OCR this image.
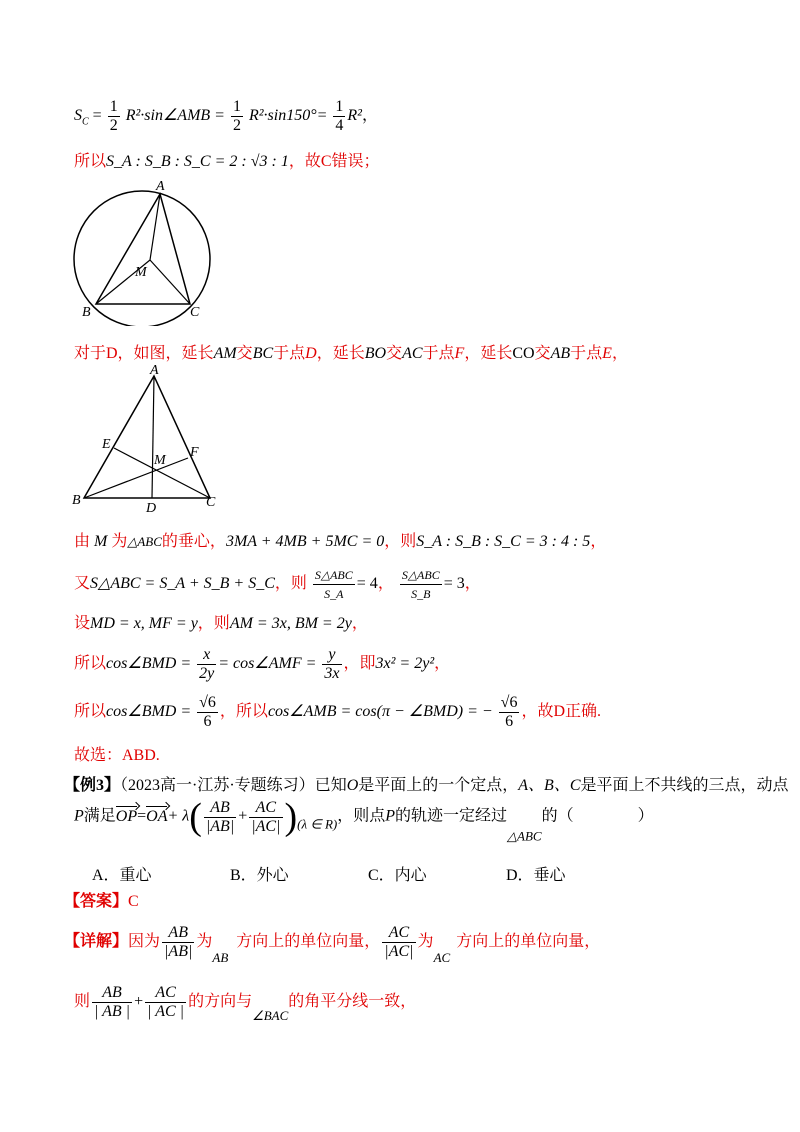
$S_C = \frac{1}{2}$ R²·sin∠AMB = $\frac{1}{2} R^2\cdot\sin 150^\circ= \frac{1}{4} R^2$，
所以S_A : S_B : S_C = 2 : √3 : 1，故C错误；
A
B	C
M
对于D，如图，延长AM交BC于点D，延长BO交AC于点F，延长CO交AB于点E，
A
B	C
D
E
F
M
由 M 为△ABC的垂心，3MA + 4MB + 5MC = 0，则S_A : S_B : S_C = 3 : 4 : 5，
又S△ABC = S_A + S_B + S_C，则 $\frac{\text{S△ABC}}{S\_A} = 4$， $\frac{\text{S△ABC}}{S\_B} = 3$，
设MD = x, MF = y，则AM = 3x, BM = 2y，
所以cos∠BMD = $\frac{x}{2y}$ = cos∠AMF = $\frac{y}{3x}$ ，即3x² = 2y²，
所以cos∠BMD = $\frac{√6}{6}$ ，所以cos∠AMB = cos(π − ∠BMD) = − $\frac{√6}{6}$ ，故D正确.
故选：ABD.
【例3】（2023高一·江苏·专题练习）已知O是平面上的一个定点，A、B、C是平面上不共线的三点，动点
P满足$OP=OA+ \lambda( \frac{AB}{|AB|} + \frac{AC}{|AC|} )_{(\lambda \in R)}$，则点P的轨迹一定经过$_{\triangle ABC}$的（	）
A．重心	B．外心	C．内心	D．垂心
【答案】C
【详解】因为 $\frac{AB}{|AB|}$ 为$_{AB}$方向上的单位向量， $\frac{AC}{|AC|}$ 为$_{AC}$方向上的单位向量，
则 $\frac{AB}{| AB |} + \frac{AC}{| AC |}$ 的方向与$_{\angle BAC}$的角平分线一致，
